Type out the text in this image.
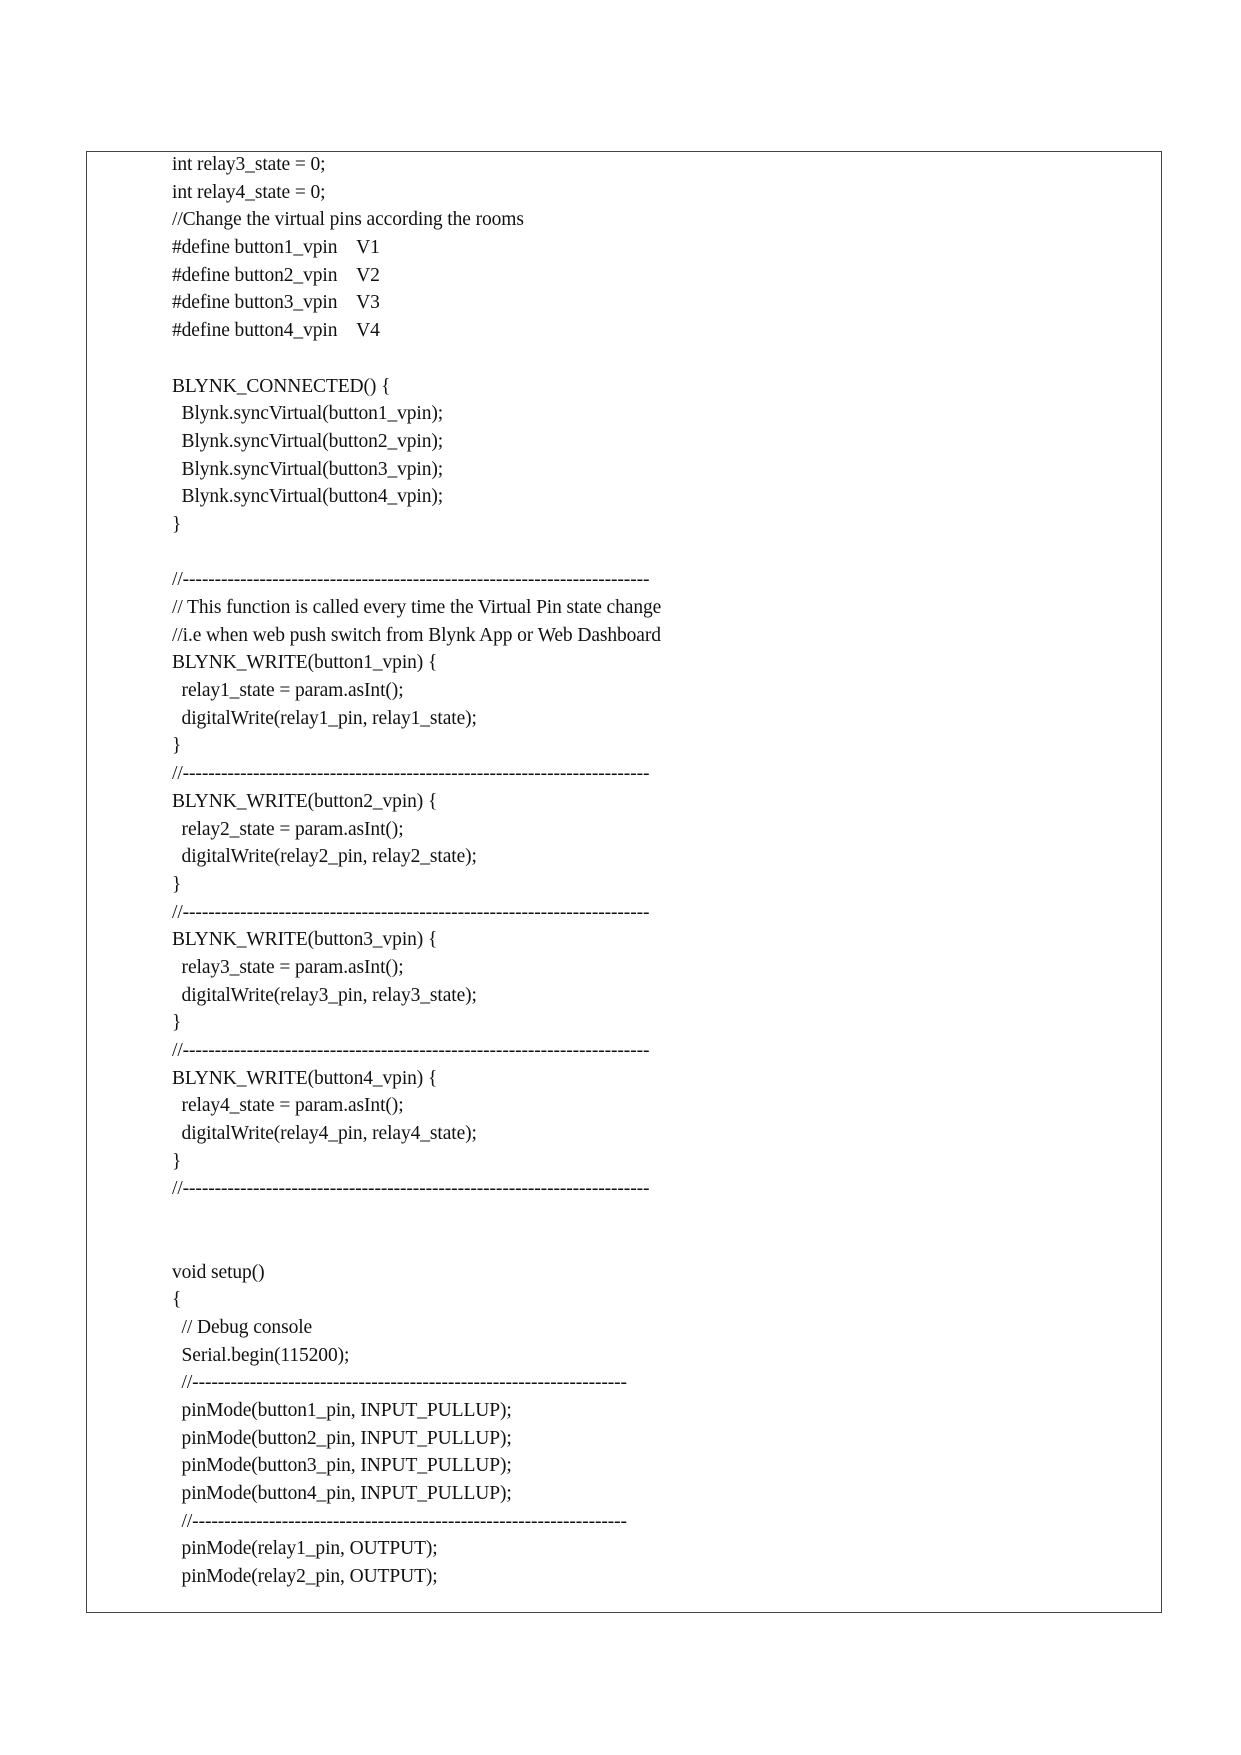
int relay3_state = 0;
int relay4_state = 0;
//Change the virtual pins according the rooms
#define button1_vpin    V1
#define button2_vpin    V2
#define button3_vpin    V3
#define button4_vpin    V4
BLYNK_CONNECTED() {
Blynk.syncVirtual(button1_vpin);
Blynk.syncVirtual(button2_vpin);
Blynk.syncVirtual(button3_vpin);
Blynk.syncVirtual(button4_vpin);
}
//-------------------------------------------------------------------------
// This function is called every time the Virtual Pin state change
//i.e when web push switch from Blynk App or Web Dashboard
BLYNK_WRITE(button1_vpin) {
relay1_state = param.asInt();
digitalWrite(relay1_pin, relay1_state);
}
//-------------------------------------------------------------------------
BLYNK_WRITE(button2_vpin) {
relay2_state = param.asInt();
digitalWrite(relay2_pin, relay2_state);
}
//-------------------------------------------------------------------------
BLYNK_WRITE(button3_vpin) {
relay3_state = param.asInt();
digitalWrite(relay3_pin, relay3_state);
}
//-------------------------------------------------------------------------
BLYNK_WRITE(button4_vpin) {
relay4_state = param.asInt();
digitalWrite(relay4_pin, relay4_state);
}
//-------------------------------------------------------------------------
void setup()
{
// Debug console
Serial.begin(115200);
//--------------------------------------------------------------------
pinMode(button1_pin, INPUT_PULLUP);
pinMode(button2_pin, INPUT_PULLUP);
pinMode(button3_pin, INPUT_PULLUP);
pinMode(button4_pin, INPUT_PULLUP);
//--------------------------------------------------------------------
pinMode(relay1_pin, OUTPUT);
pinMode(relay2_pin, OUTPUT);
